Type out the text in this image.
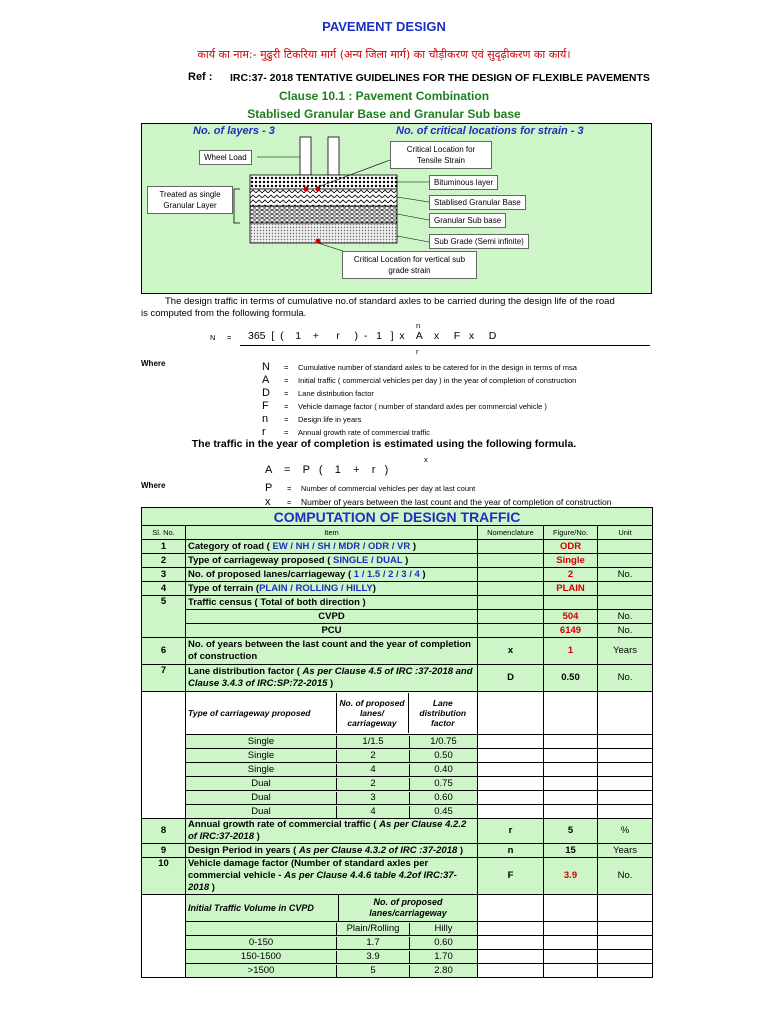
PAVEMENT DESIGN
कार्य का नाम:- मुढुरी टिकरिया मार्ग (अन्य जिला मार्ग) का चौड़ीकरण एवं सुदृढ़ीकरण का कार्य।
Ref : IRC:37- 2018 TENTATIVE GUIDELINES FOR THE DESIGN OF FLEXIBLE PAVEMENTS
Clause 10.1 : Pavement Combination
Stablised Granular Base and Granular Sub base
No. of layers - 3	No. of critical locations for strain - 3
Wheel Load
Critical Location for Tensile Strain
Treated as single Granular Layer
Bituminous layer
Stablised Granular Base
Granular Sub base
Sub Grade (Semi infinite)
Critical Location for vertical sub grade strain
The design traffic in terms of cumulative no.of standard axles to be carried during the design life of the road
is computed from the following formula.
n
N = 365  [  (    1    +      r     )  -   1   ]  x    A    x     F   x     D
r
Where	N = Cumulative number of standard axles to be catered for in the design in terms of msa
A = Initial traffic ( commercial vehicles per day ) in the year of completion of construction
D = Lane distribution factor
F = Vehicle damage factor ( number of standard axles per commercial vehicle )
n = Design life in years
r = Annual growth rate of commercial traffic
The traffic in the year of completion is estimated using the following formula.
x
A    =    P   (    1    +    r   )
Where	P = Number of commercial vehicles per day at last count
x = Number of years between the last count and the year of completion of construction
COMPUTATION OF DESIGN TRAFFIC
Sl. No.	Item	Nomenclature	Figure/No.	Unit
1	Category of road ( EW / NH / SH / MDR / ODR / VR )		ODR	
2	Type of carriageway proposed ( SINGLE / DUAL )		Single	
3	No. of proposed lanes/carriageway ( 1 / 1.5 / 2 / 3 / 4 )		2	No.
4	Type of terrain (PLAIN / ROLLING / HILLY)		PLAIN	
5	Traffic census ( Total of both direction )			
CVPD		504	No.
PCU		6149	No.
6	No. of years between the last count and the year of completion of construction	x	1	Years
7	Lane distribution factor ( As per Clause 4.5 of IRC :37-2018 and Clause 3.4.3 of IRC:SP:72-2015 )	D	0.50	No.

Type of carriageway proposed	No. of proposed lanes/ carriageway	Lane distribution factor

Single	1/1.5	1/0.75

Single	2	0.50

Single	4	0.40

Dual	2	0.75

Dual	3	0.60

Dual	4	0.45

8	Annual growth rate of commercial traffic ( As per Clause 4.2.2 of IRC:37-2018 )	r	5	%
9	Design Period in years ( As per Clause 4.3.2 of IRC :37-2018 )	n	15	Years
10	Vehicle damage factor (Number of standard axles per commercial vehicle - As per Clause 4.4.6 table 4.2of IRC:37-2018 )	F	3.9	No.

Initial Traffic Volume in CVPD
No. of proposed lanes/carriageway

Plain/Rolling	Hilly

0-150	1.7	0.60

150-1500	3.9	1.70

>1500	5	2.80
